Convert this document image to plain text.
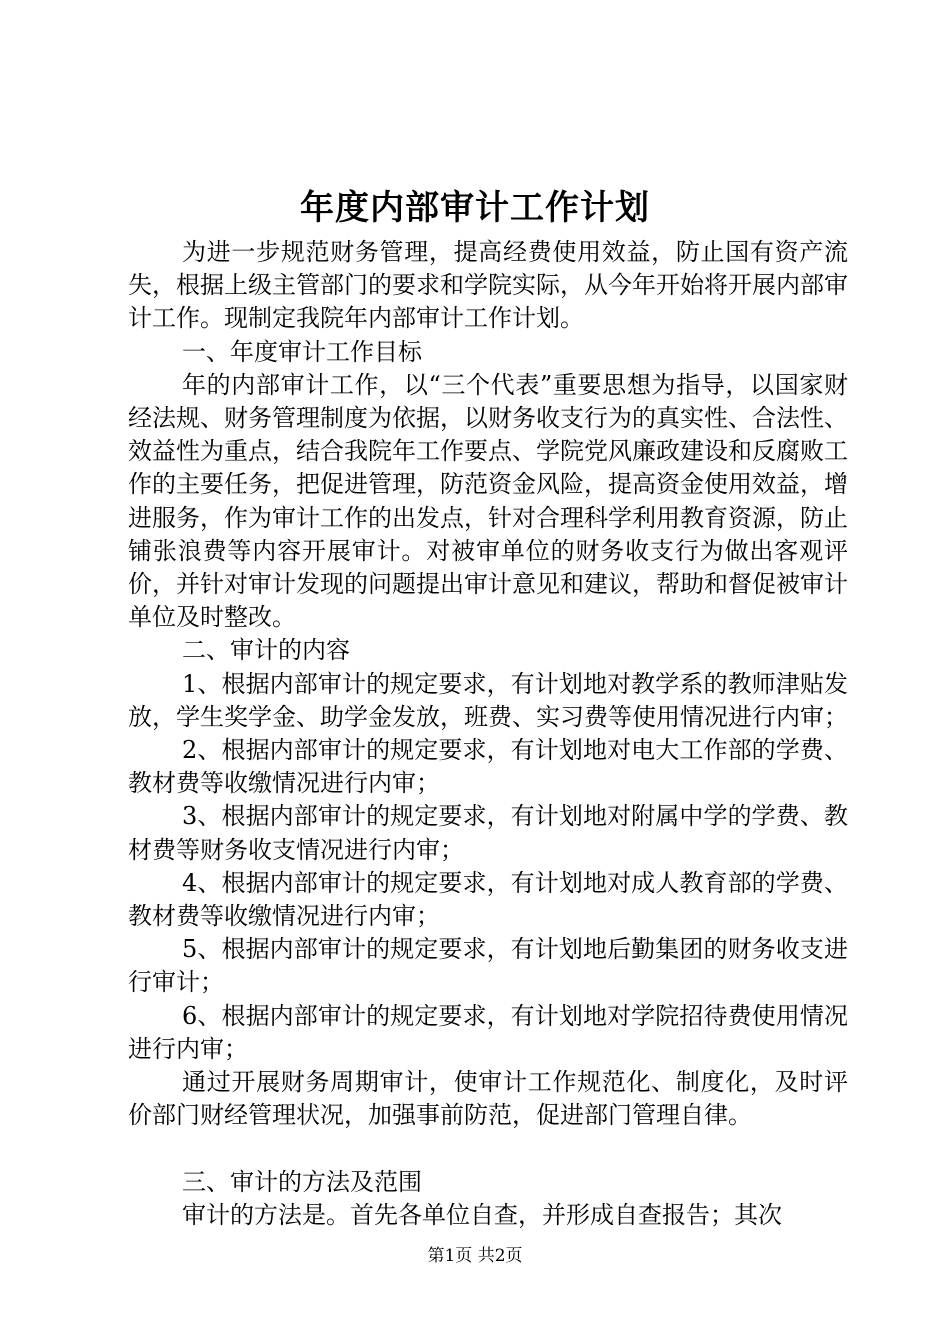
年度内部审计工作计划

为进一步规范财务管理，提高经费使用效益，防止国有资产流失，根据上级主管部门的要求和学院实际，从今年开始将开展内部审计工作。现制定我院年内部审计工作计划。

一、年度审计工作目标

年的内部审计工作，以“三个代表”重要思想为指导，以国家财经法规、财务管理制度为依据，以财务收支行为的真实性、合法性、效益性为重点，结合我院年工作要点、学院党风廉政建设和反腐败工作的主要任务，把促进管理，防范资金风险，提高资金使用效益，增进服务，作为审计工作的出发点，针对合理科学利用教育资源，防止铺张浪费等内容开展审计。对被审单位的财务收支行为做出客观评价，并针对审计发现的问题提出审计意见和建议，帮助和督促被审计单位及时整改。

二、审计的内容

1、根据内部审计的规定要求，有计划地对教学系的教师津贴发放，学生奖学金、助学金发放，班费、实习费等使用情况进行内审；

2、根据内部审计的规定要求，有计划地对电大工作部的学费、教材费等收缴情况进行内审；

3、根据内部审计的规定要求，有计划地对附属中学的学费、教材费等财务收支情况进行内审；

4、根据内部审计的规定要求，有计划地对成人教育部的学费、教材费等收缴情况进行内审；

5、根据内部审计的规定要求，有计划地后勤集团的财务收支进行审计；

6、根据内部审计的规定要求，有计划地对学院招待费使用情况进行内审；

通过开展财务周期审计，使审计工作规范化、制度化，及时评价部门财经管理状况，加强事前防范，促进部门管理自律。

三、审计的方法及范围

审计的方法是。首先各单位自查，并形成自查报告；其次

第1页 共2页
